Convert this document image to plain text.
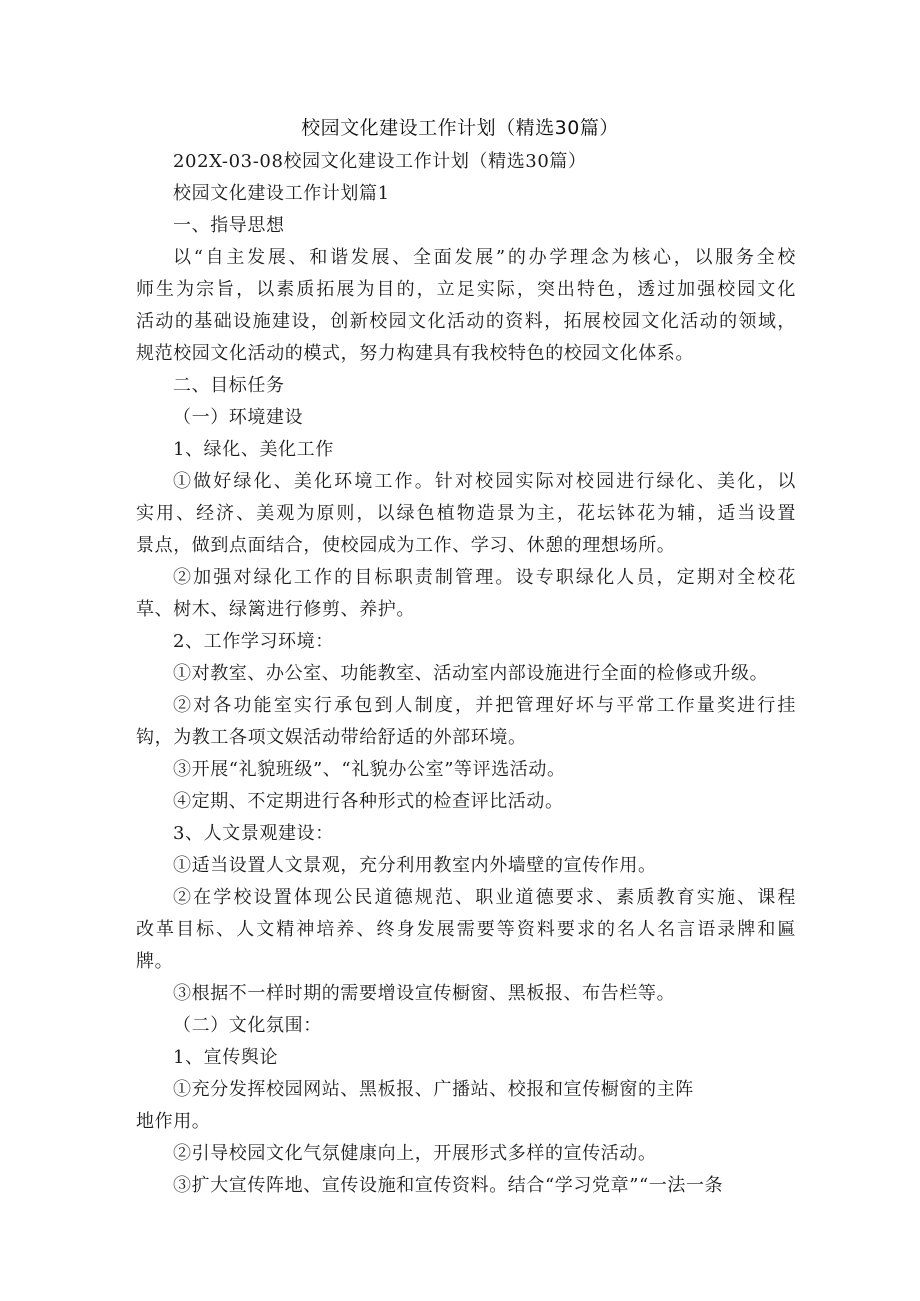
校园文化建设工作计划（精选30篇）
202X-03-08校园文化建设工作计划（精选30篇）
校园文化建设工作计划篇1
一、指导思想
以“自主发展、和谐发展、全面发展”的办学理念为核心，以服务全校
师生为宗旨，以素质拓展为目的，立足实际，突出特色，透过加强校园文化
活动的基础设施建设，创新校园文化活动的资料，拓展校园文化活动的领域，
规范校园文化活动的模式，努力构建具有我校特色的校园文化体系。
二、目标任务
（一）环境建设
1、绿化、美化工作
①做好绿化、美化环境工作。针对校园实际对校园进行绿化、美化，以
实用、经济、美观为原则，以绿色植物造景为主，花坛钵花为辅，适当设置
景点，做到点面结合，使校园成为工作、学习、休憩的理想场所。
②加强对绿化工作的目标职责制管理。设专职绿化人员，定期对全校花
草、树木、绿篱进行修剪、养护。
2、工作学习环境：
①对教室、办公室、功能教室、活动室内部设施进行全面的检修或升级。
②对各功能室实行承包到人制度，并把管理好坏与平常工作量奖进行挂
钩，为教工各项文娱活动带给舒适的外部环境。
③开展“礼貌班级”、“礼貌办公室”等评选活动。
④定期、不定期进行各种形式的检查评比活动。
3、人文景观建设：
①适当设置人文景观，充分利用教室内外墙壁的宣传作用。
②在学校设置体现公民道德规范、职业道德要求、素质教育实施、课程
改革目标、人文精神培养、终身发展需要等资料要求的名人名言语录牌和匾
牌。
③根据不一样时期的需要增设宣传橱窗、黑板报、布告栏等。
（二）文化氛围：
1、宣传舆论
①充分发挥校园网站、黑板报、广播站、校报和宣传橱窗的主阵
地作用。
②引导校园文化气氛健康向上，开展形式多样的宣传活动。
③扩大宣传阵地、宣传设施和宣传资料。结合“学习党章”“一法一条
